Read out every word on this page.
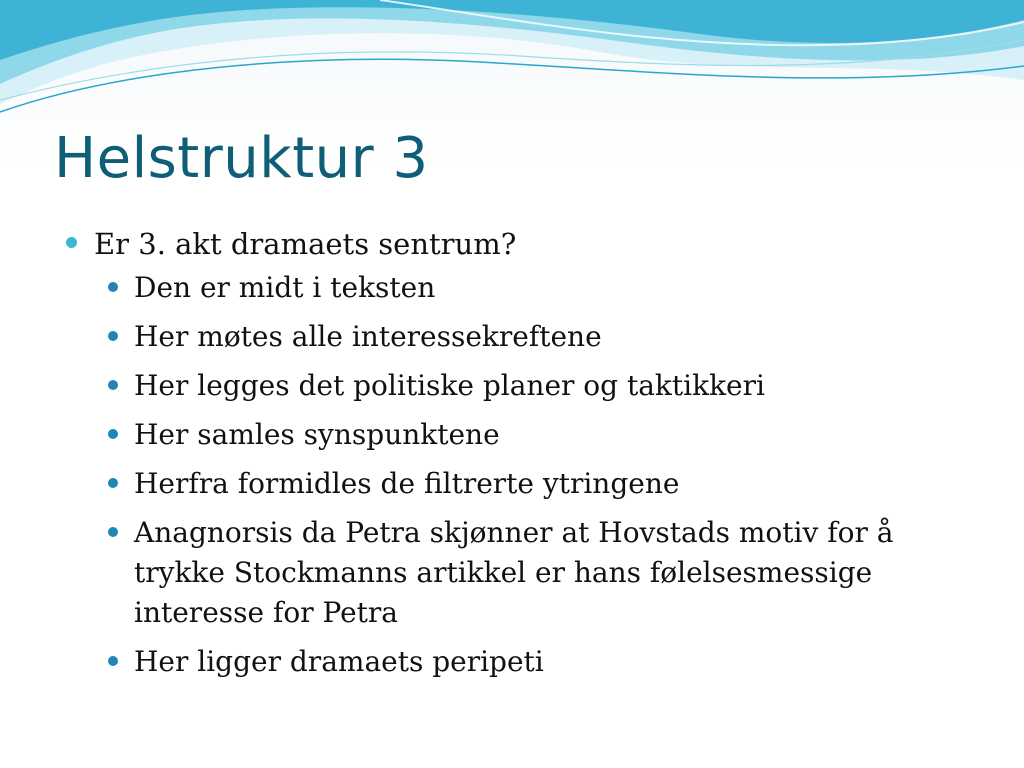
Helstruktur 3
Er 3. akt dramaets sentrum?
Den er midt i teksten
Her møtes alle interessekreftene
Her legges det politiske planer og taktikkeri
Her samles synspunktene
Herfra formidles de filtrerte ytringene
Anagnorsis da Petra skjønner at Hovstads motiv for å trykke Stockmanns artikkel er hans følelsesmessige interesse for Petra
Her ligger dramaets peripeti
